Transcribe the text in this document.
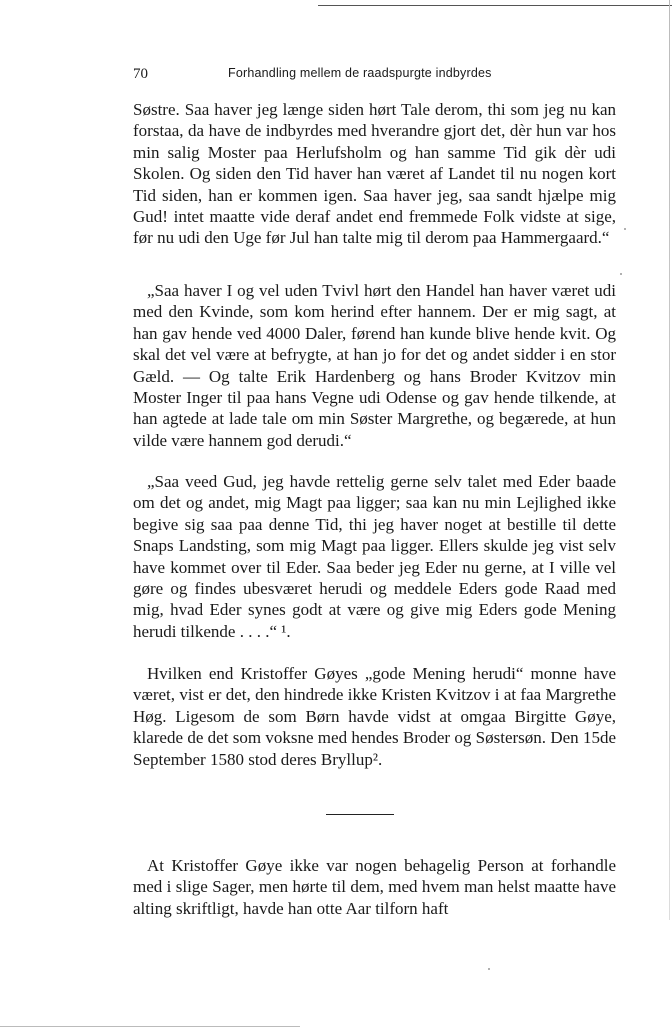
70	Forhandling mellem de raadspurgte indbyrdes

Søstre. Saa haver jeg længe siden hørt Tale derom, thi som jeg nu kan forstaa, da have de indbyrdes med hverandre gjort det, dèr hun var hos min salig Moster paa Herlufsholm og han samme Tid gik dèr udi Skolen. Og siden den Tid haver han været af Landet til nu nogen kort Tid siden, han er kommen igen. Saa haver jeg, saa sandt hjælpe mig Gud! intet maatte vide deraf andet end fremmede Folk vidste at sige, før nu udi den Uge før Jul han talte mig til derom paa Hammergaard.“

„Saa haver I og vel uden Tvivl hørt den Handel han haver været udi med den Kvinde, som kom herind efter hannem. Der er mig sagt, at han gav hende ved 4000 Daler, førend han kunde blive hende kvit. Og skal det vel være at befrygte, at han jo for det og andet sidder i en stor Gæld. — Og talte Erik Hardenberg og hans Broder Kvitzov min Moster Inger til paa hans Vegne udi Odense og gav hende tilkende, at han agtede at lade tale om min Søster Margrethe, og begærede, at hun vilde være hannem god derudi.“

„Saa veed Gud, jeg havde rettelig gerne selv talet med Eder baade om det og andet, mig Magt paa ligger; saa kan nu min Lejlighed ikke begive sig saa paa denne Tid, thi jeg haver noget at bestille til dette Snaps Landsting, som mig Magt paa ligger. Ellers skulde jeg vist selv have kommet over til Eder. Saa beder jeg Eder nu gerne, at I ville vel gøre og findes ubesværet herudi og meddele Eders gode Raad med mig, hvad Eder synes godt at være og give mig Eders gode Mening herudi tilkende . . . .“ ¹.

Hvilken end Kristoffer Gøyes „gode Mening herudi“ monne have været, vist er det, den hindrede ikke Kristen Kvitzov i at faa Margrethe Høg. Ligesom de som Børn havde vidst at omgaa Birgitte Gøye, klarede de det som voksne med hendes Broder og Søstersøn. Den 15de September 1580 stod deres Bryllup².

At Kristoffer Gøye ikke var nogen behagelig Person at forhandle med i slige Sager, men hørte til dem, med hvem man helst maatte have alting skriftligt, havde han otte Aar tilforn haft
